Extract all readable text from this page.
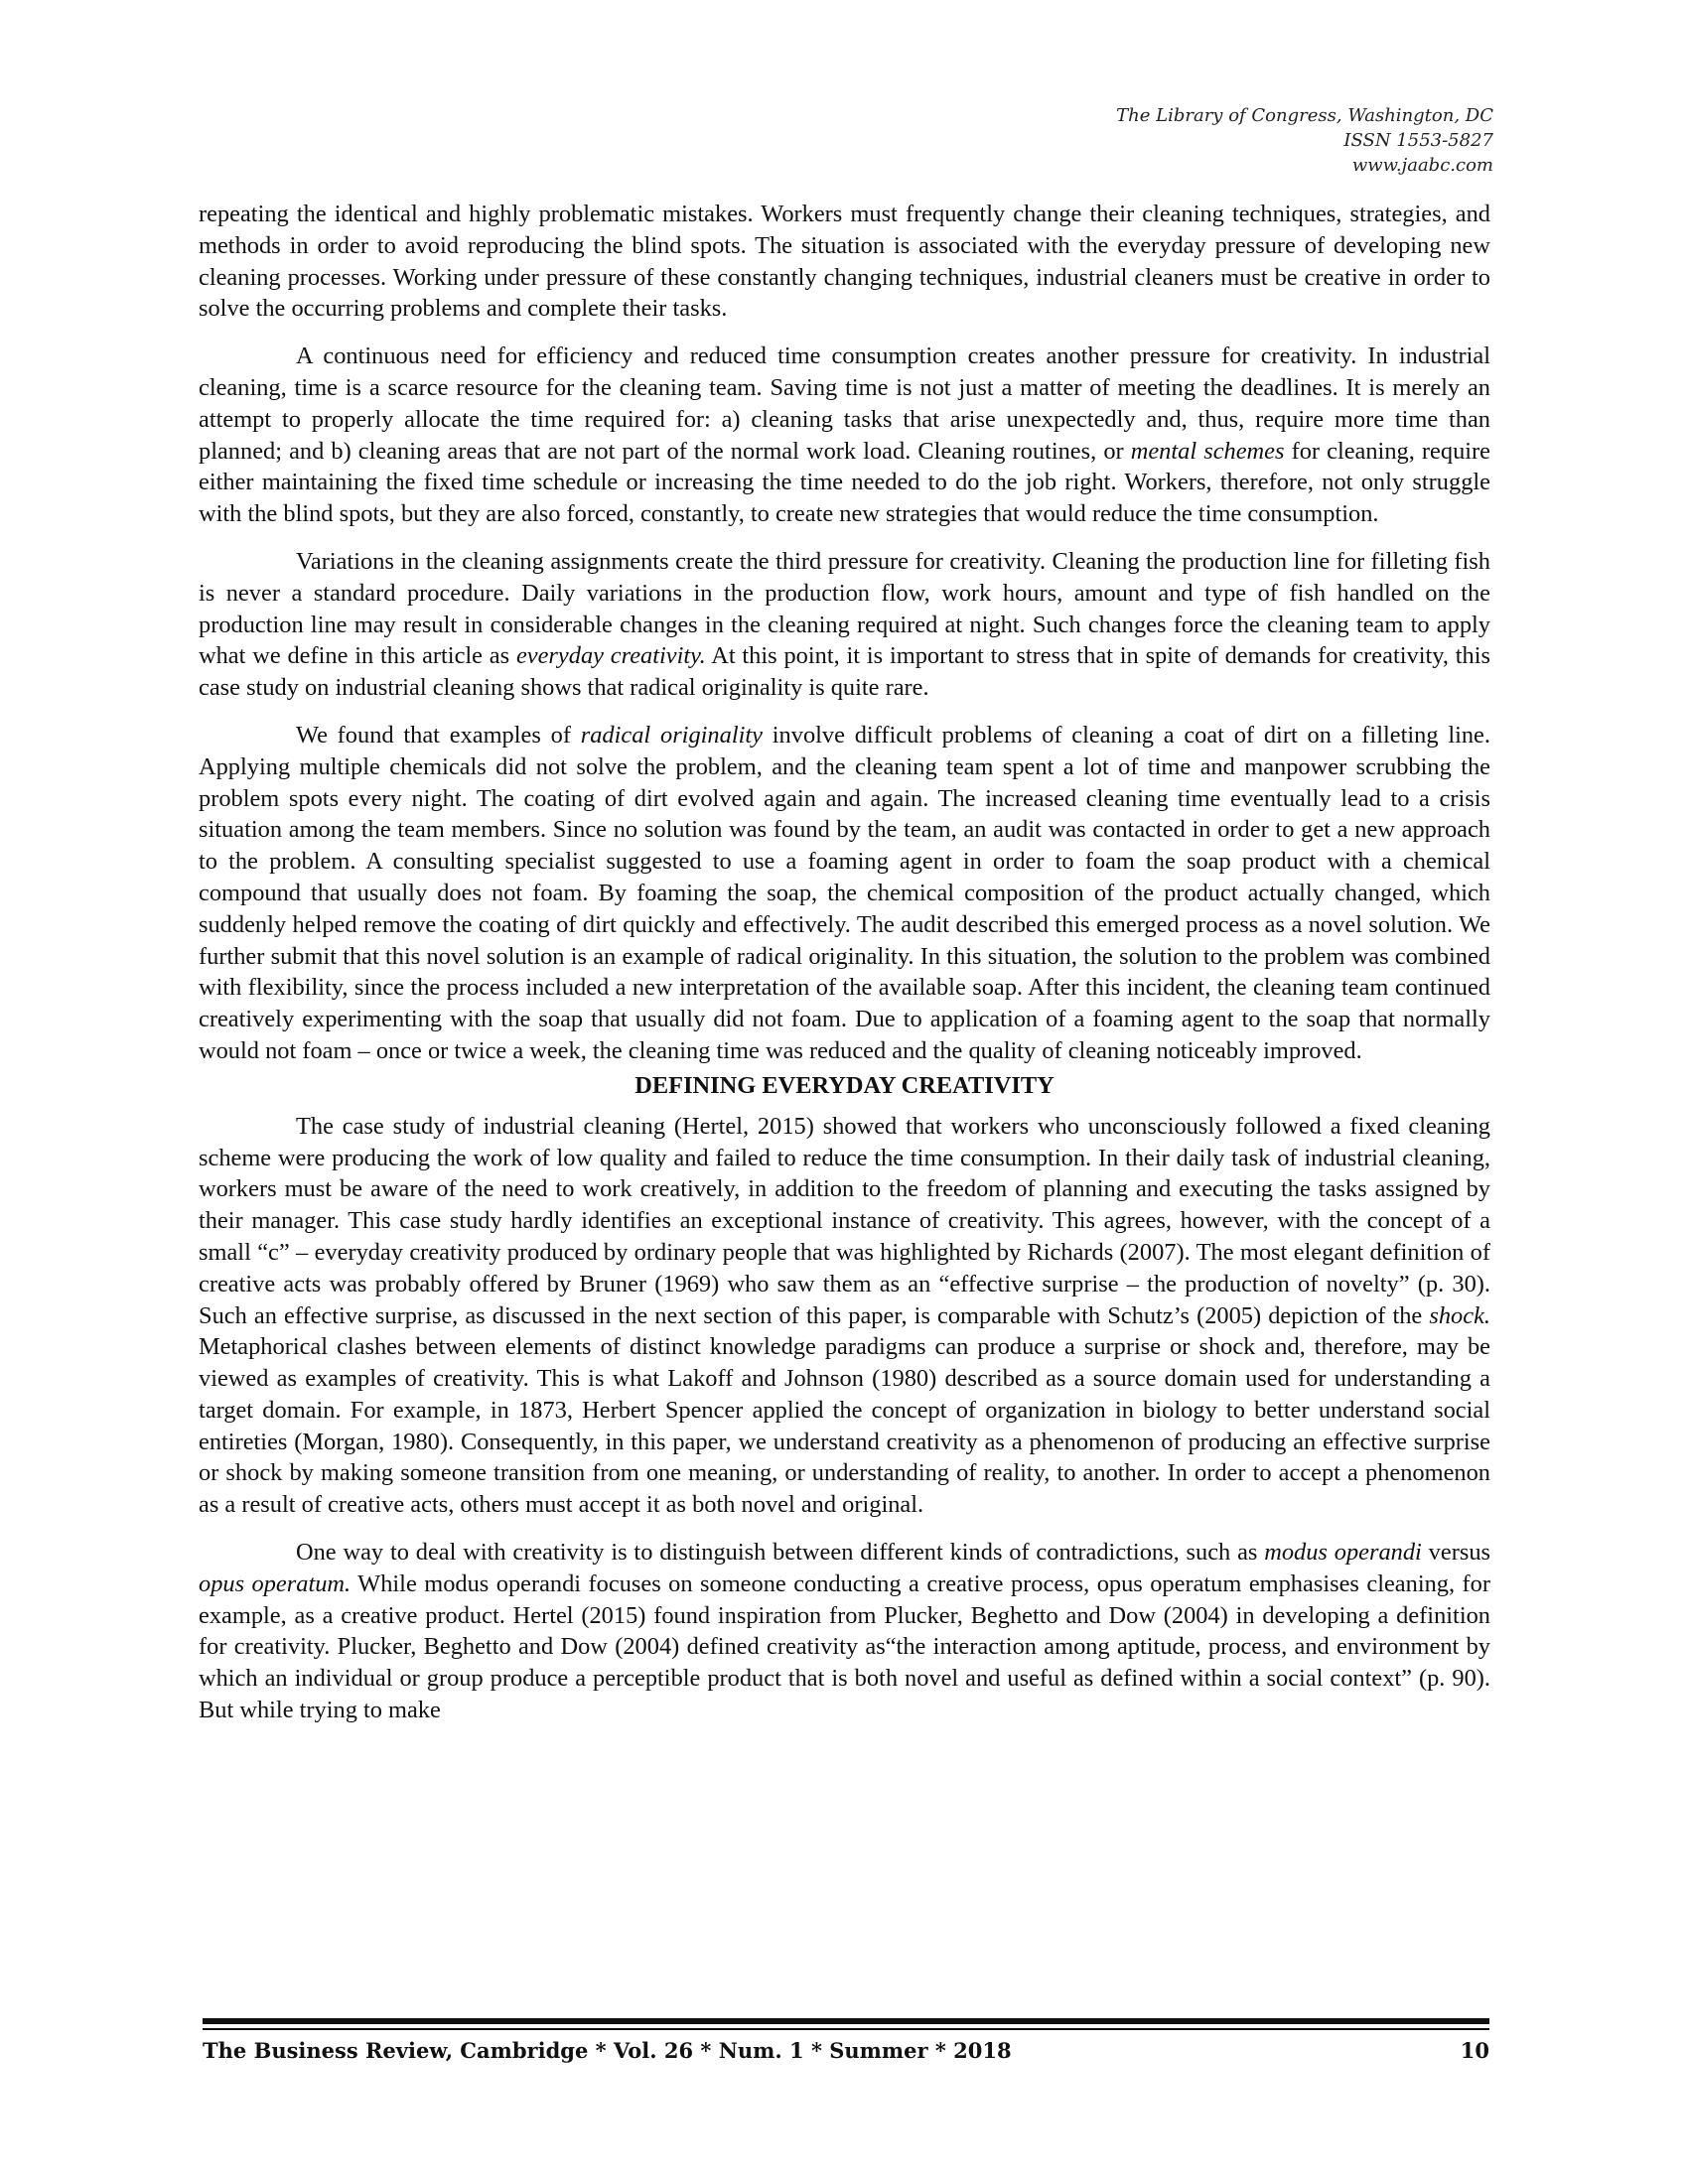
The Library of Congress, Washington, DC
ISSN 1553-5827
www.jaabc.com

repeating the identical and highly problematic mistakes. Workers must frequently change their cleaning techniques, strategies, and methods in order to avoid reproducing the blind spots. The situation is associated with the everyday pressure of developing new cleaning processes. Working under pressure of these constantly changing techniques, industrial cleaners must be creative in order to solve the occurring problems and complete their tasks.

A continuous need for efficiency and reduced time consumption creates another pressure for creativity. In industrial cleaning, time is a scarce resource for the cleaning team. Saving time is not just a matter of meeting the deadlines. It is merely an attempt to properly allocate the time required for: a) cleaning tasks that arise unexpectedly and, thus, require more time than planned; and b) cleaning areas that are not part of the normal work load. Cleaning routines, or mental schemes for cleaning, require either maintaining the fixed time schedule or increasing the time needed to do the job right. Workers, therefore, not only struggle with the blind spots, but they are also forced, constantly, to create new strategies that would reduce the time consumption.

Variations in the cleaning assignments create the third pressure for creativity. Cleaning the production line for filleting fish is never a standard procedure. Daily variations in the production flow, work hours, amount and type of fish handled on the production line may result in considerable changes in the cleaning required at night. Such changes force the cleaning team to apply what we define in this article as everyday creativity. At this point, it is important to stress that in spite of demands for creativity, this case study on industrial cleaning shows that radical originality is quite rare.

We found that examples of radical originality involve difficult problems of cleaning a coat of dirt on a filleting line. Applying multiple chemicals did not solve the problem, and the cleaning team spent a lot of time and manpower scrubbing the problem spots every night. The coating of dirt evolved again and again. The increased cleaning time eventually lead to a crisis situation among the team members. Since no solution was found by the team, an audit was contacted in order to get a new approach to the problem. A consulting specialist suggested to use a foaming agent in order to foam the soap product with a chemical compound that usually does not foam. By foaming the soap, the chemical composition of the product actually changed, which suddenly helped remove the coating of dirt quickly and effectively. The audit described this emerged process as a novel solution. We further submit that this novel solution is an example of radical originality. In this situation, the solution to the problem was combined with flexibility, since the process included a new interpretation of the available soap. After this incident, the cleaning team continued creatively experimenting with the soap that usually did not foam. Due to application of a foaming agent to the soap that normally would not foam – once or twice a week, the cleaning time was reduced and the quality of cleaning noticeably improved.

DEFINING EVERYDAY CREATIVITY

The case study of industrial cleaning (Hertel, 2015) showed that workers who unconsciously followed a fixed cleaning scheme were producing the work of low quality and failed to reduce the time consumption. In their daily task of industrial cleaning, workers must be aware of the need to work creatively, in addition to the freedom of planning and executing the tasks assigned by their manager. This case study hardly identifies an exceptional instance of creativity. This agrees, however, with the concept of a small “c” – everyday creativity produced by ordinary people that was highlighted by Richards (2007). The most elegant definition of creative acts was probably offered by Bruner (1969) who saw them as an “effective surprise – the production of novelty” (p. 30). Such an effective surprise, as discussed in the next section of this paper, is comparable with Schutz’s (2005) depiction of the shock. Metaphorical clashes between elements of distinct knowledge paradigms can produce a surprise or shock and, therefore, may be viewed as examples of creativity. This is what Lakoff and Johnson (1980) described as a source domain used for understanding a target domain. For example, in 1873, Herbert Spencer applied the concept of organization in biology to better understand social entireties (Morgan, 1980). Consequently, in this paper, we understand creativity as a phenomenon of producing an effective surprise or shock by making someone transition from one meaning, or understanding of reality, to another. In order to accept a phenomenon as a result of creative acts, others must accept it as both novel and original.

One way to deal with creativity is to distinguish between different kinds of contradictions, such as modus operandi versus opus operatum. While modus operandi focuses on someone conducting a creative process, opus operatum emphasises cleaning, for example, as a creative product. Hertel (2015) found inspiration from Plucker, Beghetto and Dow (2004) in developing a definition for creativity. Plucker, Beghetto and Dow (2004) defined creativity as“the interaction among aptitude, process, and environment by which an individual or group produce a perceptible product that is both novel and useful as defined within a social context” (p. 90). But while trying to make

The Business Review, Cambridge * Vol. 26 * Num. 1 * Summer * 2018	10
